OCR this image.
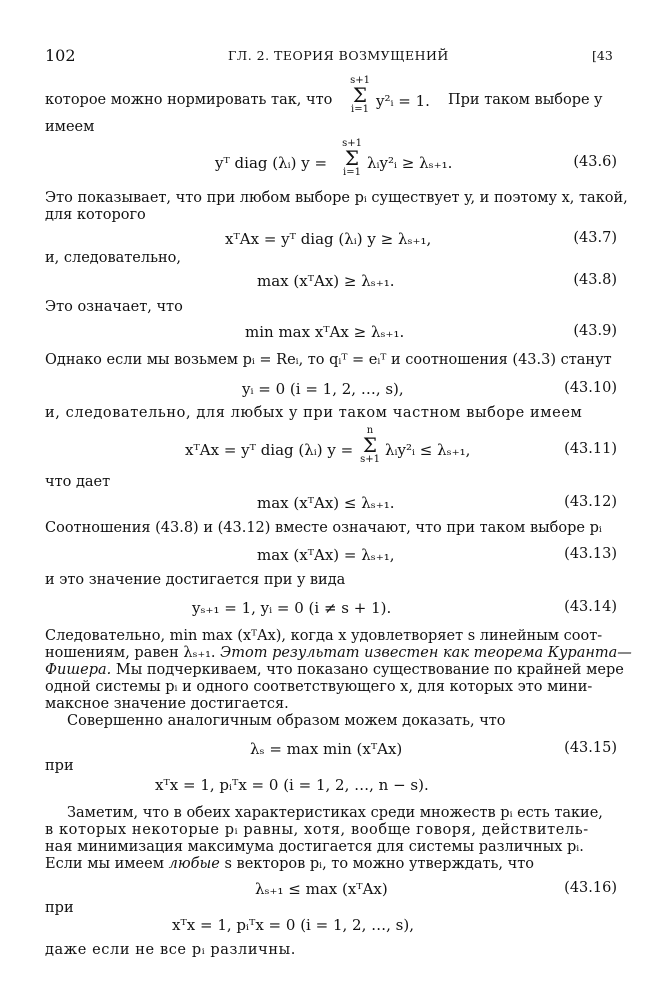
102	ГЛ. 2. ТЕОРИЯ ВОЗМУЩЕНИЙ	[43
которое можно нормировать так, что
s+1
Σ
i=1 y²ᵢ = 1. При таком выборе y
имеем
yᵀ diag (λᵢ) y =
s+1
Σ
i=1
λᵢy²ᵢ ≥ λₛ₊₁.	(43.6)
Это показывает, что при любом выборе pᵢ существует y, и поэтому x, такой,
для которого
xᵀAx = yᵀ diag (λᵢ) y ≥ λₛ₊₁,	(43.7)
и, следовательно,
max (xᵀAx) ≥ λₛ₊₁.	(43.8)
Это означает, что
min max xᵀAx ≥ λₛ₊₁.	(43.9)
Однако если мы возьмем pᵢ = Reᵢ, то qᵢᵀ = eᵢᵀ и соотношения (43.3) станут
yᵢ = 0 (i = 1, 2, …, s),	(43.10)
и, следовательно, для любых y при таком частном выборе имеем
xᵀAx = yᵀ diag (λᵢ) y =
n
Σ
s+1
λᵢy²ᵢ ≤ λₛ₊₁,	(43.11)
что дает
max (xᵀAx) ≤ λₛ₊₁.	(43.12)
Соотношения (43.8) и (43.12) вместе означают, что при таком выборе pᵢ
max (xᵀAx) = λₛ₊₁,	(43.13)
и это значение достигается при y вида
yₛ₊₁ = 1, yᵢ = 0 (i ≠ s + 1).	(43.14)
Следовательно, min max (xᵀAx), когда x удовлетворяет s линейным соот-
ношениям, равен λₛ₊₁. Этот результат известен как теорема Куранта—
Фишера. Мы подчеркиваем, что показано существование по крайней мере
одной системы pᵢ и одного соответствующего x, для которых это мини-
максное значение достигается.
Совершенно аналогичным образом можем доказать, что
λₛ = max min (xᵀAx)	(43.15)
при
xᵀx = 1, pᵢᵀx = 0 (i = 1, 2, …, n − s).
Заметим, что в обеих характеристиках среди множеств pᵢ есть такие,
в которых некоторые pᵢ равны, хотя, вообще говоря, действитель-
ная минимизация максимума достигается для системы различных pᵢ.
Если мы имеем любые s векторов pᵢ, то можно утверждать, что
λₛ₊₁ ≤ max (xᵀAx)	(43.16)
при
xᵀx = 1, pᵢᵀx = 0 (i = 1, 2, …, s),
даже если не все pᵢ различны.
